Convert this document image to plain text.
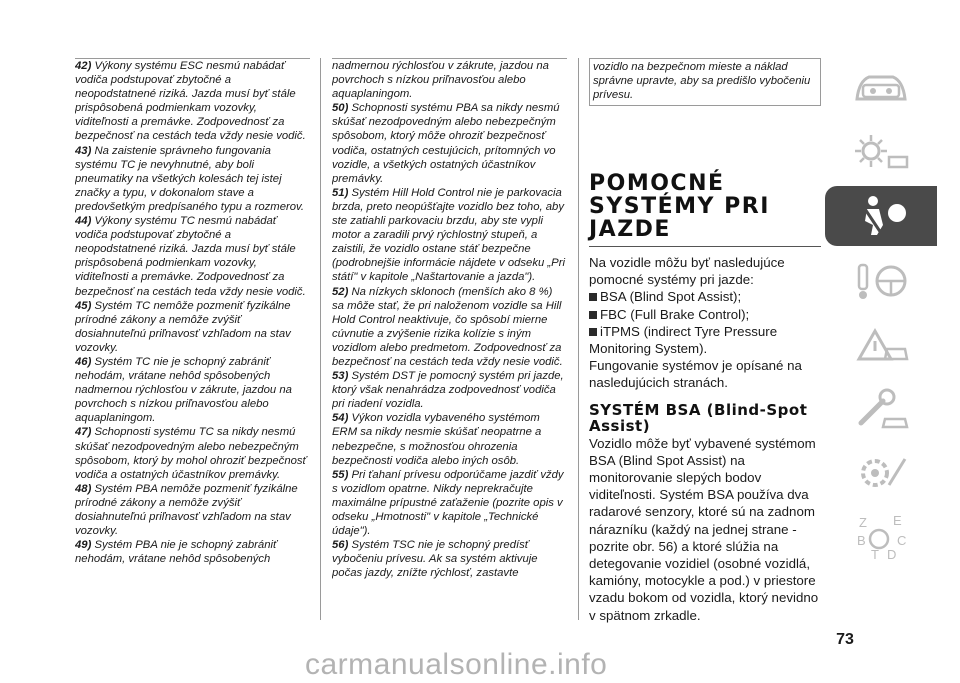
42) Výkony systému ESC nesmú nabádať vodiča podstupovať zbytočné a neopodstatnené riziká. Jazda musí byť stále prispôsobená podmienkam vozovky, viditeľnosti a premávke. Zodpovednosť za bezpečnosť na cestách teda vždy nesie vodič.
43) Na zaistenie správneho fungovania systému TC je nevyhnutné, aby boli pneumatiky na všetkých kolesách tej istej značky a typu, v dokonalom stave a predovšetkým predpísaného typu a rozmerov.
44) Výkony systému TC nesmú nabádať vodiča podstupovať zbytočné a neopodstatnené riziká. Jazda musí byť stále prispôsobená podmienkam vozovky, viditeľnosti a premávke. Zodpovednosť za bezpečnosť na cestách teda vždy nesie vodič.
45) Systém TC nemôže pozmeniť fyzikálne prírodné zákony a nemôže zvýšiť dosiahnuteľnú priľnavosť vzhľadom na stav vozovky.
46) Systém TC nie je schopný zabrániť nehodám, vrátane nehôd spôsobených nadmernou rýchlosťou v zákrute, jazdou na povrchoch s nízkou priľnavosťou alebo aquaplaningom.
47) Schopnosti systému TC sa nikdy nesmú skúšať nezodpovedným alebo nebezpečným spôsobom, ktorý by mohol ohroziť bezpečnosť vodiča a ostatných účastníkov premávky.
48) Systém PBA nemôže pozmeniť fyzikálne prírodné zákony a nemôže zvýšiť dosiahnuteľnú priľnavosť vzhľadom na stav vozovky.
49) Systém PBA nie je schopný zabrániť nehodám, vrátane nehôd spôsobených
nadmernou rýchlosťou v zákrute, jazdou na povrchoch s nízkou priľnavosťou alebo aquaplaningom.
50) Schopnosti systému PBA sa nikdy nesmú skúšať nezodpovedným alebo nebezpečným spôsobom, ktorý môže ohroziť bezpečnosť vodiča, ostatných cestujúcich, prítomných vo vozidle, a všetkých ostatných účastníkov premávky.
51) Systém Hill Hold Control nie je parkovacia brzda, preto neopúšťajte vozidlo bez toho, aby ste zatiahli parkovaciu brzdu, aby ste vypli motor a zaradili prvý rýchlostný stupeň, a zaistili, že vozidlo ostane stáť bezpečne (podrobnejšie informácie nájdete v odseku „Pri státí" v kapitole „Naštartovanie a jazda").
52) Na nízkych sklonoch (menších ako 8 %) sa môže stať, že pri naloženom vozidle sa Hill Hold Control neaktivuje, čo spôsobí mierne cúvnutie a zvýšenie rizika kolízie s iným vozidlom alebo predmetom. Zodpovednosť za bezpečnosť na cestách teda vždy nesie vodič.
53) Systém DST je pomocný systém pri jazde, ktorý však nenahrádza zodpovednosť vodiča pri riadení vozidla.
54) Výkon vozidla vybaveného systémom ERM sa nikdy nesmie skúšať neopatrne a nebezpečne, s možnosťou ohrozenia bezpečnosti vodiča alebo iných osôb.
55) Pri ťahaní prívesu odporúčame jazdiť vždy s vozidlom opatrne. Nikdy neprekračujte maximálne prípustné zaťaženie (pozrite opis v odseku „Hmotnosti" v kapitole „Technické údaje").
56) Systém TSC nie je schopný predísť vybočeniu prívesu. Ak sa systém aktivuje počas jazdy, znížte rýchlosť, zastavte

vozidlo na bezpečnom mieste a náklad správne upravte, aby sa predišlo vybočeniu prívesu.

POMOCNÉ SYSTÉMY PRI JAZDE

Na vozidle môžu byť nasledujúce pomocné systémy pri jazde:

BSA (Blind Spot Assist);
FBC (Full Brake Control);
iTPMS (indirect Tyre Pressure Monitoring System).

Fungovanie systémov je opísané na nasledujúcich stranách.

SYSTÉM BSA (Blind-Spot Assist)

Vozidlo môže byť vybavené systémom BSA (Blind Spot Assist) na monitorovanie slepých bodov viditeľnosti. Systém BSA používa dva radarové senzory, ktoré sú na zadnom nárazníku (každý na jednej strane - pozrite obr. 56) a ktoré slúžia na detegovanie vozidiel (osobné vozidlá, kamióny, motocykle a pod.) v priestore vzadu bokom od vozidla, ktorý nevidno v spätnom zrkadle.

Z E
B C
T D
73
carmanualsonline.info
